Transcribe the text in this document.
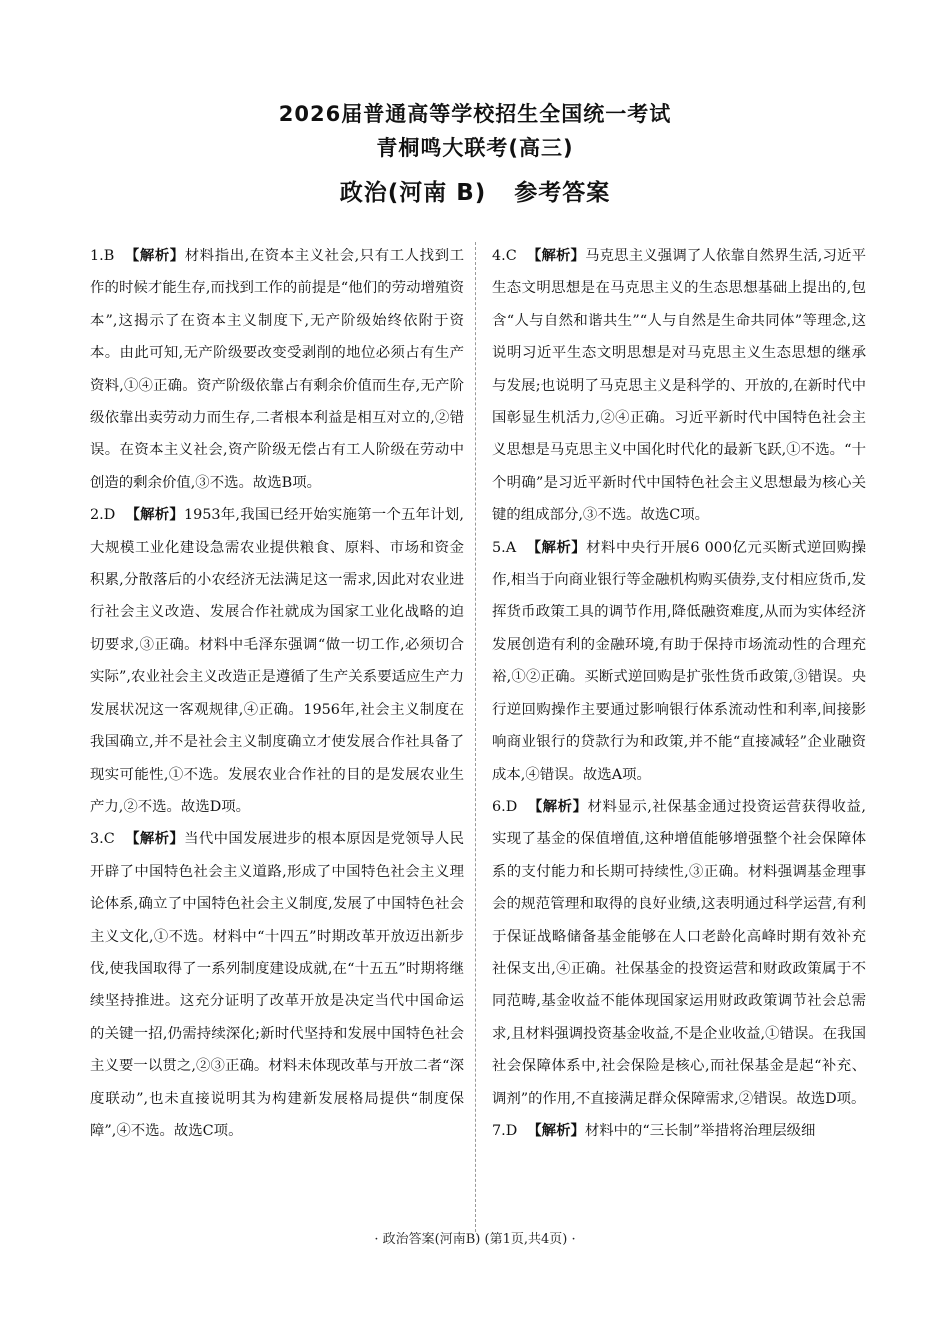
2026届普通高等学校招生全国统一考试
青桐鸣大联考(高三)
政治(河南 B) 参考答案

1.B 【解析】材料指出,在资本主义社会,只有工人找到工作的时候才能生存,而找到工作的前提是“他们的劳动增殖资本”,这揭示了在资本主义制度下,无产阶级始终依附于资本。由此可知,无产阶级要改变受剥削的地位必须占有生产资料,①④正确。资产阶级依靠占有剩余价值而生存,无产阶级依靠出卖劳动力而生存,二者根本利益是相互对立的,②错误。在资本主义社会,资产阶级无偿占有工人阶级在劳动中创造的剩余价值,③不选。故选B项。

2.D 【解析】1953年,我国已经开始实施第一个五年计划,大规模工业化建设急需农业提供粮食、原料、市场和资金积累,分散落后的小农经济无法满足这一需求,因此对农业进行社会主义改造、发展合作社就成为国家工业化战略的迫切要求,③正确。材料中毛泽东强调“做一切工作,必须切合实际”,农业社会主义改造正是遵循了生产关系要适应生产力发展状况这一客观规律,④正确。1956年,社会主义制度在我国确立,并不是社会主义制度确立才使发展合作社具备了现实可能性,①不选。发展农业合作社的目的是发展农业生产力,②不选。故选D项。

3.C 【解析】当代中国发展进步的根本原因是党领导人民开辟了中国特色社会主义道路,形成了中国特色社会主义理论体系,确立了中国特色社会主义制度,发展了中国特色社会主义文化,①不选。材料中“十四五”时期改革开放迈出新步伐,使我国取得了一系列制度建设成就,在“十五五”时期将继续坚持推进。这充分证明了改革开放是决定当代中国命运的关键一招,仍需持续深化;新时代坚持和发展中国特色社会主义要一以贯之,②③正确。材料未体现改革与开放二者“深度联动”,也未直接说明其为构建新发展格局提供“制度保障”,④不选。故选C项。

4.C 【解析】马克思主义强调了人依靠自然界生活,习近平生态文明思想是在马克思主义的生态思想基础上提出的,包含“人与自然和谐共生”“人与自然是生命共同体”等理念,这说明习近平生态文明思想是对马克思主义生态思想的继承与发展;也说明了马克思主义是科学的、开放的,在新时代中国彰显生机活力,②④正确。习近平新时代中国特色社会主义思想是马克思主义中国化时代化的最新飞跃,①不选。“十个明确”是习近平新时代中国特色社会主义思想最为核心关键的组成部分,③不选。故选C项。

5.A 【解析】材料中央行开展6 000亿元买断式逆回购操作,相当于向商业银行等金融机构购买债券,支付相应货币,发挥货币政策工具的调节作用,降低融资难度,从而为实体经济发展创造有利的金融环境,有助于保持市场流动性的合理充裕,①②正确。买断式逆回购是扩张性货币政策,③错误。央行逆回购操作主要通过影响银行体系流动性和利率,间接影响商业银行的贷款行为和政策,并不能“直接减轻”企业融资成本,④错误。故选A项。

6.D 【解析】材料显示,社保基金通过投资运营获得收益,实现了基金的保值增值,这种增值能够增强整个社会保障体系的支付能力和长期可持续性,③正确。材料强调基金理事会的规范管理和取得的良好业绩,这表明通过科学运营,有利于保证战略储备基金能够在人口老龄化高峰时期有效补充社保支出,④正确。社保基金的投资运营和财政政策属于不同范畴,基金收益不能体现国家运用财政政策调节社会总需求,且材料强调投资基金收益,不是企业收益,①错误。在我国社会保障体系中,社会保险是核心,而社保基金是起“补充、调剂”的作用,不直接满足群众保障需求,②错误。故选D项。

7.D 【解析】材料中的“三长制”举措将治理层级细

· 政治答案(河南B) (第1页,共4页) ·
